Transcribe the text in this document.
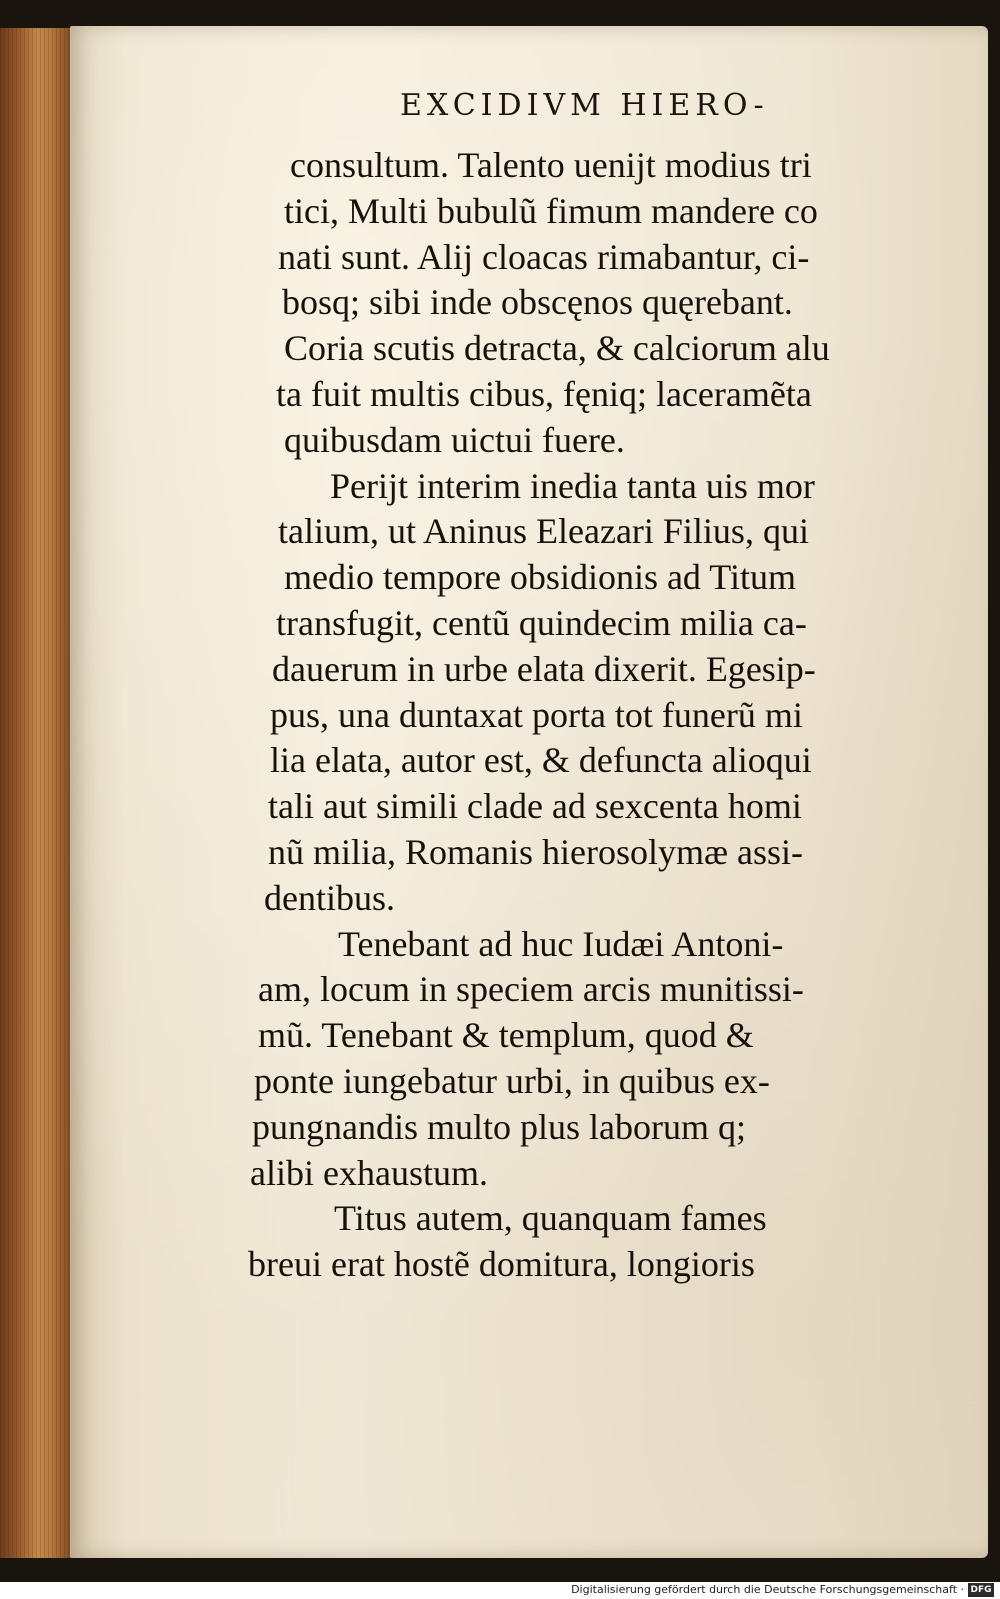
EXCIDIVM HIERO-
consultum. Talento uenijt modius tri
tici, Multi bubulũ fimum mandere co
nati sunt. Alij cloacas rimabantur, ci-
bosq; sibi inde obscęnos quęrebant.
Coria scutis detracta, & calciorum alu
ta fuit multis cibus, fęniq; laceramẽta
quibusdam uictui fuere.
Perijt interim inedia tanta uis mor
talium, ut Aninus Eleazari Filius, qui
medio tempore obsidionis ad Titum
transfugit, centũ quindecim milia ca-
dauerum in urbe elata dixerit. Egesip-
pus, una duntaxat porta tot funerũ mi
lia elata, autor est, & defuncta alioqui
tali aut simili clade ad sexcenta homi
nũ milia, Romanis hierosolymæ assi-
dentibus.
Tenebant ad huc Iudæi Antoni-
am, locum in speciem arcis munitissi-
mũ. Tenebant & templum, quod &
ponte iungebatur urbi, in quibus ex-
pungnandis multo plus laborum q;
alibi exhaustum.
Titus autem, quanquam fames
breui erat hostẽ domitura, longioris
Digitalisierung gefördert durch die Deutsche Forschungsgemeinschaft · DFG
